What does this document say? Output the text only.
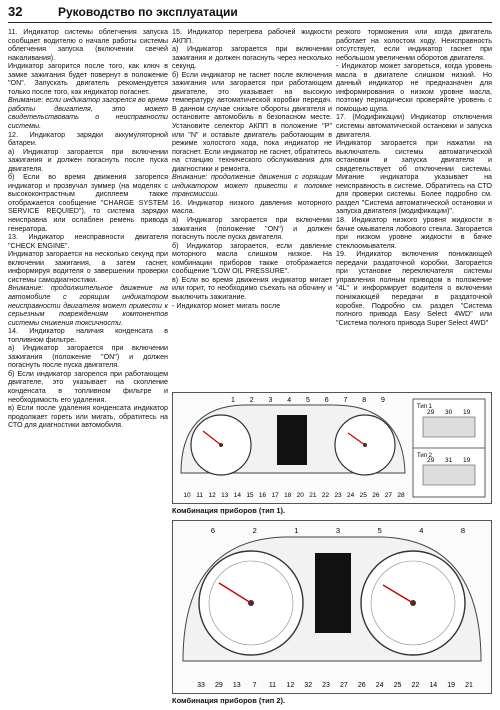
32	Руководство по эксплуатации

11. Индикатор системы облегчения запуска сообщает водителю о начале работы системы облегчения запуска (включении свечей накаливания).

Индикатор загорится после того, как ключ в замке зажигания будет повернут в положение "ON". Запускать двигатель рекомендуется только после того, как индикатор погаснет.

Внимание: если индикатор загорелся во время работы двигателя, это может свидетельствовать о неисправности системы.

12. Индикатор зарядки аккумуляторной батареи.

а) Индикатор загорается при включении зажигания и должен погаснуть после пуска двигателя.

б) Если во время движения загорелся индикатор и прозвучал зуммер (на моделях с высококонтрастным дисплеем также отображается сообщение "CHARGE SYSTEM SERVICE REQUIED"), то система зарядки неисправна или ослаблен ремень привода генератора.

13. Индикатор неисправности двигателя "CHECK ENGINE".

Индикатор загорается на несколько секунд при включении зажигания, а затем гаснет, информируя водителя о завершении проверки системы самодиагностики.

Внимание: продолжительное движение на автомобиле с горящим индикатором неисправности двигателя может привести к серьезным повреждениям компонентов системы снижения токсичности.

14. Индикатор наличия конденсата в топливном фильтре.

а) Индикатор загорается при включении зажигания (положение "ON") и должен погаснуть после пуска двигателя.

б) Если индикатор загорелся при работающем двигателе, это указывает на скопление конденсата в топливном фильтре и необходимость его удаления.

в) Если после удаления конденсата индикатор продолжает гореть или мигать, обратитесь на СТО для диагностики автомобиля.

15. Индикатор перегрева рабочей жидкости АКПП.

а) Индикатор загорается при включении зажигания и должен погаснуть через несколько секунд.

б) Если индикатор не гаснет после включения зажигания или загорается при работающем двигателе, это указывает на высокую температуру автоматической коробки передач. В данном случае снизьте обороты двигателя и остановите автомобиль в безопасном месте. Установите селектор АКПП в положение "P" или "N" и оставьте двигатель работающим в режиме холостого хода, пока индикатор не погаснет. Если индикатор не гаснет, обратитесь на станцию технического обслуживания для диагностики и ремонта.

Внимание: продолжение движения с горящим индикатором может привести к поломке трансмиссии.

16. Индикатор низкого давления моторного масла.

а) Индикатор загорается при включении зажигания (положение "ON") и должен погаснуть после пуска двигателя.

б) Индикатор загорается, если давление моторного масла слишком низкое. На комбинации приборов также отображается сообщение "LOW OIL PRESSURE".

в) Если во время движения индикатор мигает или горит, то необходимо съехать на обочину и выключить зажигание.

- Индикатор может мигать после

резкого торможения или когда двигатель работает на холостом ходу. Неисправность отсутствует, если индикатор гаснет при небольшом увеличении оборотов двигателя.

- Индикатор может загореться, когда уровень масла в двигателе слишком низкий. Но данный индикатор не предназначен для информирования о низком уровне масла, поэтому периодически проверяйте уровень с помощью щупа.

17. (Модификации) Индикатор отключения системы автоматической остановки и запуска двигателя.

Индикатор загорается при нажатии на выключатель системы автоматической остановки и запуска двигателя и свидетельствует об отключении системы. Мигание индикатора указывает на неисправность в системе. Обратитесь на СТО для проверки системы. Более подробно см. раздел "Система автоматической остановки и запуска двигателя (модификации)".

18. Индикатор низкого уровня жидкости в бачке омывателя лобового стекла. Загорается при низком уровне жидкости в бачке стеклоомывателя.

19. Индикатор включения понижающей передачи раздаточной коробки. Загорается при установке переключателя системы управления полным приводом в положение "4L" и информирует водителя о включении понижающей передачи в раздаточной коробке. Подробно см. раздел "Система полного привода Easy Select 4WD" или "Система полного привода Super Select 4WD"

1 2 3 4 5 6 7 8 9
10 11 12 13 14 15 16 17 18 20 21 22 23 24 25 26 27 28
Тип 1
Тип 2
29 30 19
29 31 19
Комбинация приборов (тип 1).
6	2	1	3	5	4	8
33 29 13 7 11 12 32 23 27 26 24 25 22 14 19 21
Комбинация приборов (тип 2).
